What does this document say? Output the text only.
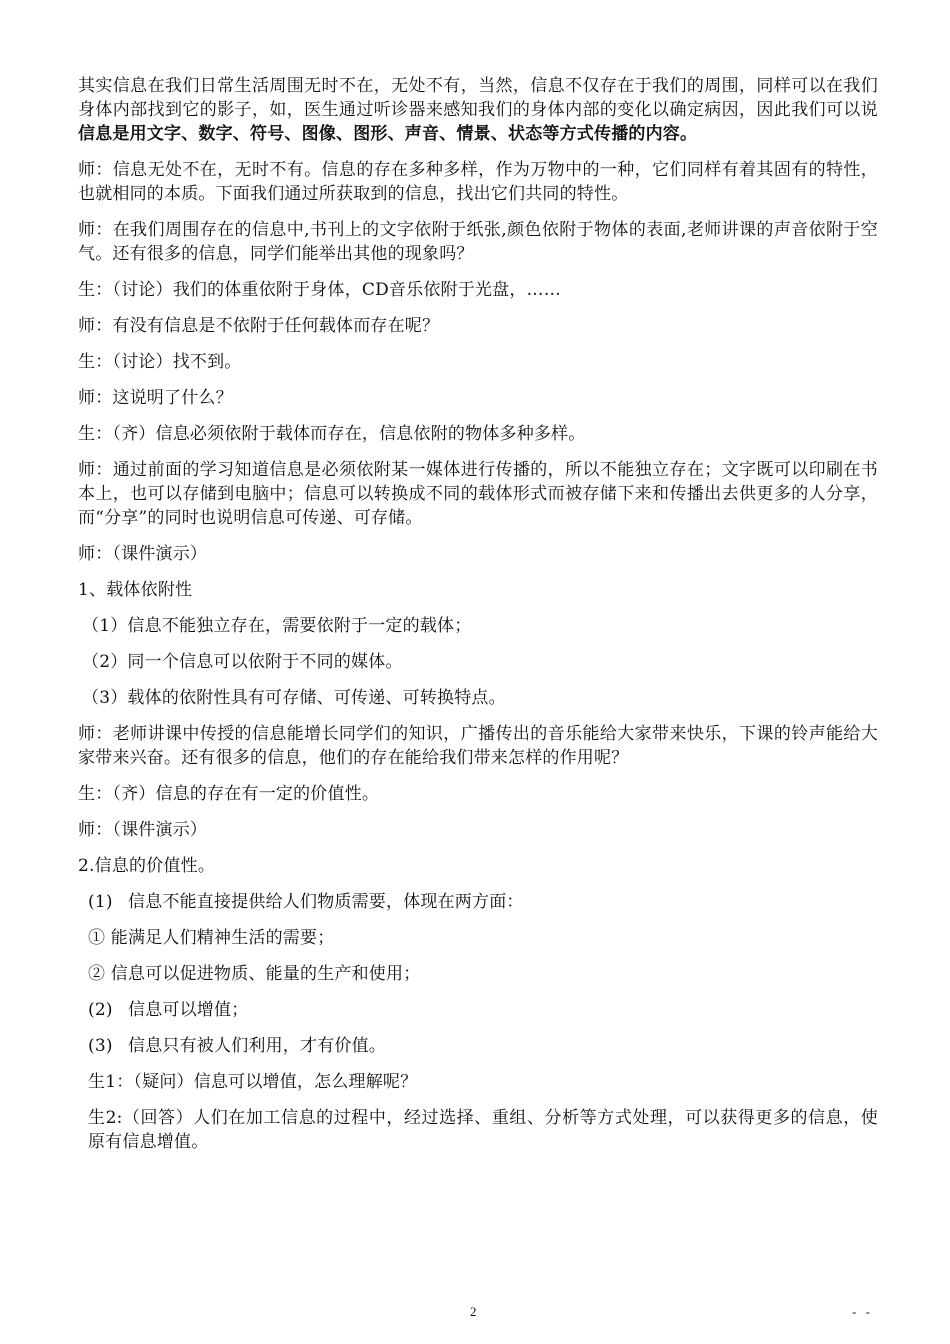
其实信息在我们日常生活周围无时不在，无处不有，当然，信息不仅存在于我们的周围，同样可以在我们身体内部找到它的影子，如，医生通过听诊器来感知我们的身体内部的变化以确定病因，因此我们可以说信息是用文字、数字、符号、图像、图形、声音、情景、状态等方式传播的内容。

师：信息无处不在，无时不有。信息的存在多种多样，作为万物中的一种，它们同样有着其固有的特性，也就相同的本质。下面我们通过所获取到的信息，找出它们共同的特性。

师：在我们周围存在的信息中,书刊上的文字依附于纸张,颜色依附于物体的表面,老师讲课的声音依附于空气。还有很多的信息，同学们能举出其他的现象吗？

生：（讨论）我们的体重依附于身体，CD音乐依附于光盘，……

师：有没有信息是不依附于任何载体而存在呢？

生：（讨论）找不到。

师：这说明了什么？

生：（齐）信息必须依附于载体而存在，信息依附的物体多种多样。

师：通过前面的学习知道信息是必须依附某一媒体进行传播的，所以不能独立存在；文字既可以印刷在书本上，也可以存储到电脑中；信息可以转换成不同的载体形式而被存储下来和传播出去供更多的人分享，而“分享”的同时也说明信息可传递、可存储。

师：（课件演示）

1、载体依附性

（1）信息不能独立存在，需要依附于一定的载体；

（2）同一个信息可以依附于不同的媒体。

（3）载体的依附性具有可存储、可传递、可转换特点。

师：老师讲课中传授的信息能增长同学们的知识，广播传出的音乐能给大家带来快乐，下课的铃声能给大家带来兴奋。还有很多的信息，他们的存在能给我们带来怎样的作用呢？

生：（齐）信息的存在有一定的价值性。

师：（课件演示）

2.信息的价值性。

(1) 信息不能直接提供给人们物质需要，体现在两方面：

① 能满足人们精神生活的需要；

② 信息可以促进物质、能量的生产和使用；

(2) 信息可以增值；

(3) 信息只有被人们利用，才有价值。

生1：（疑问）信息可以增值，怎么理解呢？

生2:（回答）人们在加工信息的过程中，经过选择、重组、分析等方式处理，可以获得更多的信息，使原有信息增值。

2	- -
